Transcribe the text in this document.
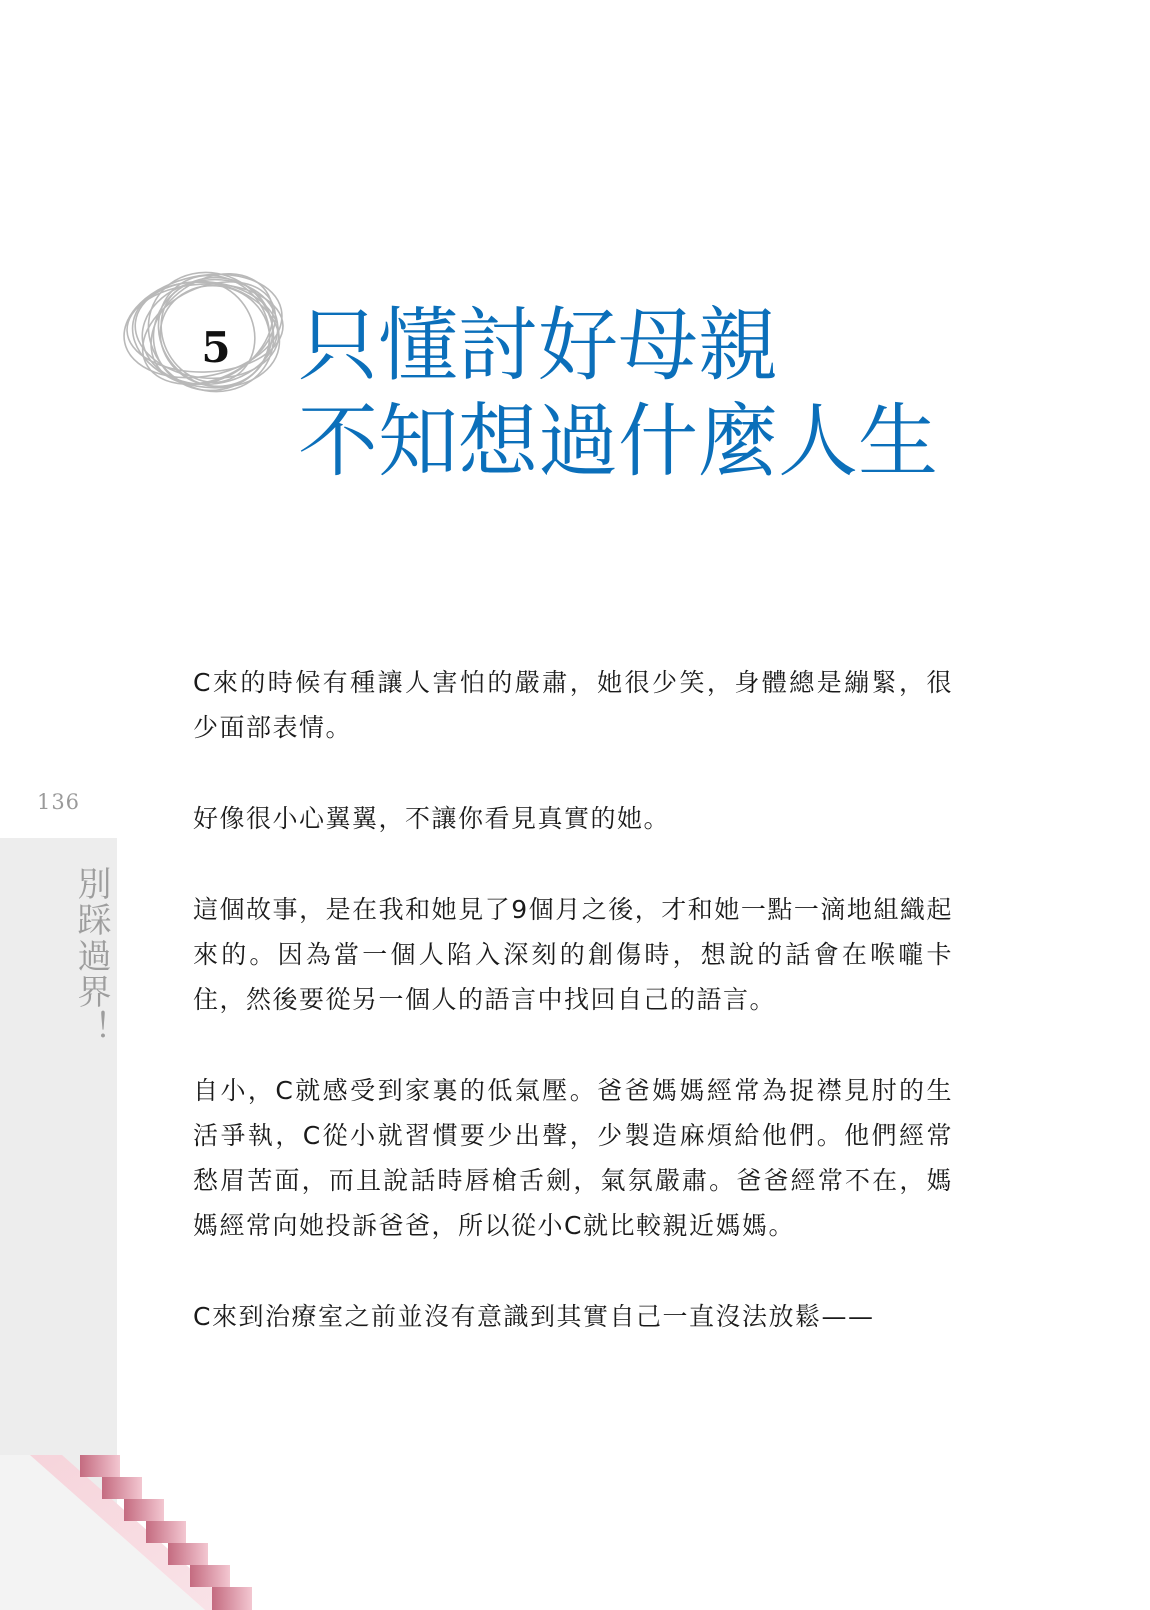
136
別踩過界！
5 只懂討好母親
不知想過什麼人生

C來的時候有種讓人害怕的嚴肅，她很少笑，身體總是繃緊，很少面部表情。

好像很小心翼翼，不讓你看見真實的她。

這個故事，是在我和她見了9個月之後，才和她一點一滴地組織起來的。因為當一個人陷入深刻的創傷時，想說的話會在喉嚨卡住，然後要從另一個人的語言中找回自己的語言。

自小，C就感受到家裏的低氣壓。爸爸媽媽經常為捉襟見肘的生活爭執，C從小就習慣要少出聲，少製造麻煩給他們。他們經常愁眉苦面，而且說話時唇槍舌劍，氣氛嚴肅。爸爸經常不在，媽媽經常向她投訴爸爸，所以從小C就比較親近媽媽。

C來到治療室之前並沒有意識到其實自己一直沒法放鬆——
